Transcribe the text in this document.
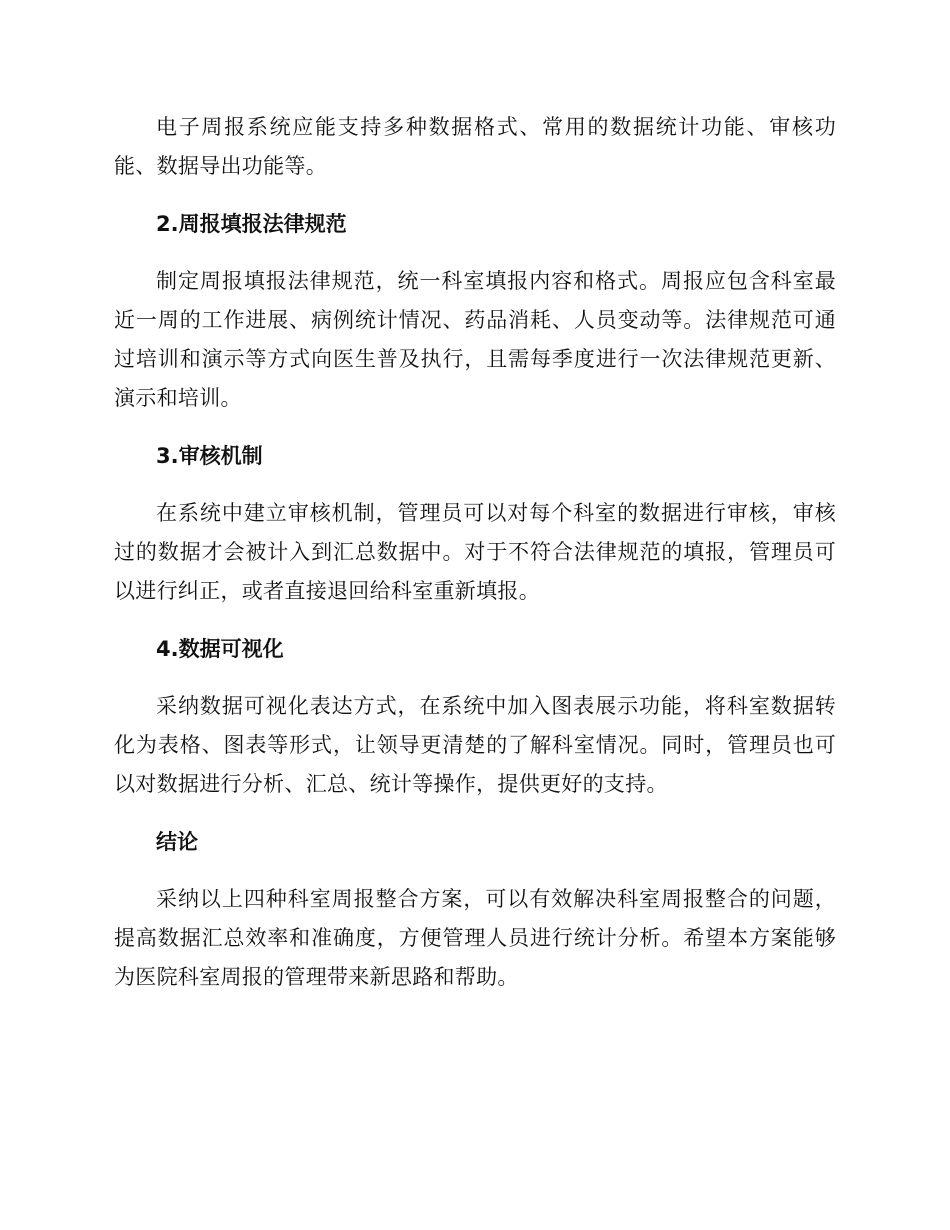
电子周报系统应能支持多种数据格式、常用的数据统计功能、审核功能、数据导出功能等。

2.周报填报法律规范

制定周报填报法律规范，统一科室填报内容和格式。周报应包含科室最近一周的工作进展、病例统计情况、药品消耗、人员变动等。法律规范可通过培训和演示等方式向医生普及执行，且需每季度进行一次法律规范更新、演示和培训。

3.审核机制

在系统中建立审核机制，管理员可以对每个科室的数据进行审核，审核过的数据才会被计入到汇总数据中。对于不符合法律规范的填报，管理员可以进行纠正，或者直接退回给科室重新填报。

4.数据可视化

采纳数据可视化表达方式，在系统中加入图表展示功能，将科室数据转化为表格、图表等形式，让领导更清楚的了解科室情况。同时，管理员也可以对数据进行分析、汇总、统计等操作，提供更好的支持。

结论

采纳以上四种科室周报整合方案，可以有效解决科室周报整合的问题，提高数据汇总效率和准确度，方便管理人员进行统计分析。希望本方案能够为医院科室周报的管理带来新思路和帮助。
